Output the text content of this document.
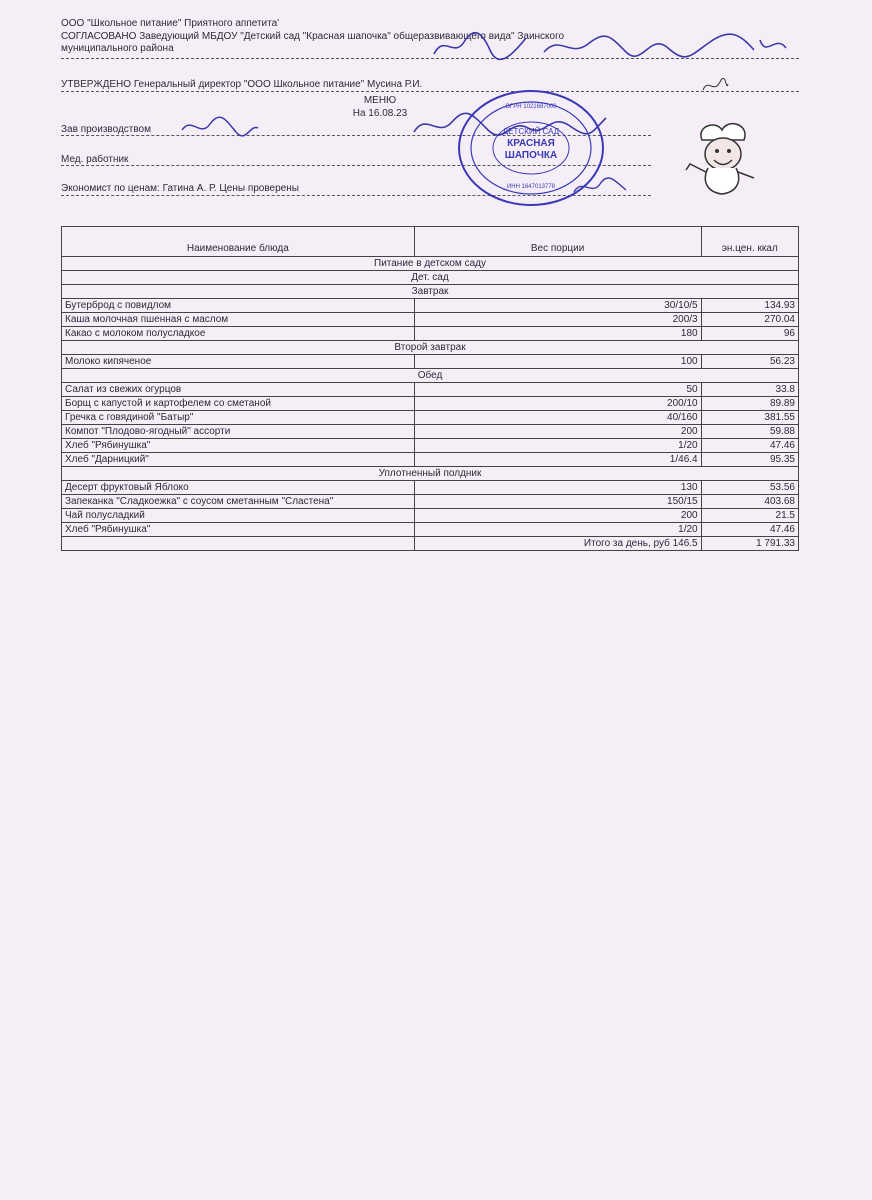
ООО "Школьное питание" Приятного аппетита'
СОГЛАСОВАНО Заведующий МБДОУ "Детский сад "Красная шапочка" общеразвивающего вида" Заинского
муниципального района
УТВЕРЖДЕНО Генеральный директор "ООО Школьное питание" Мусина Р.И.
МЕНЮ
На 16.08.23
Зав производством
Мед. работник
Экономист по ценам: Гатина А. Р. Цены проверены
ДЕТСКИЙ САД
КРАСНАЯ
ШАПОЧКА
ОГРН 1021687000
ИНН 1647013778
Наименование блюда	Вес порции	эн.цен. ккал
Питание в детском саду		
Дет. сад		
Завтрак		
Бутерброд с повидлом	30/10/5	134.93
Каша молочная пшенная с маслом	200/3	270.04
Какао с молоком полусладкое	180	96
Второй завтрак		
Молоко кипяченое	100	56.23
Обед		
Салат из свежих огурцов	50	33.8
Борщ с капустой и картофелем со сметаной	200/10	89.89
Гречка с говядиной "Батыр"	40/160	381.55
Компот "Плодово-ягодный" ассорти	200	59.88
Хлеб "Рябинушка"	1/20	47.46
Хлеб "Дарницкий"	1/46.4	95.35
Уплотненный полдник		
Десерт фруктовый Яблоко	130	53.56
Запеканка "Сладкоежка" с соусом сметанным "Сластена"	150/15	403.68
Чай полусладкий	200	21.5
Хлеб "Рябинушка"	1/20	47.46
	Итого за день, руб 146.5	1 791.33
